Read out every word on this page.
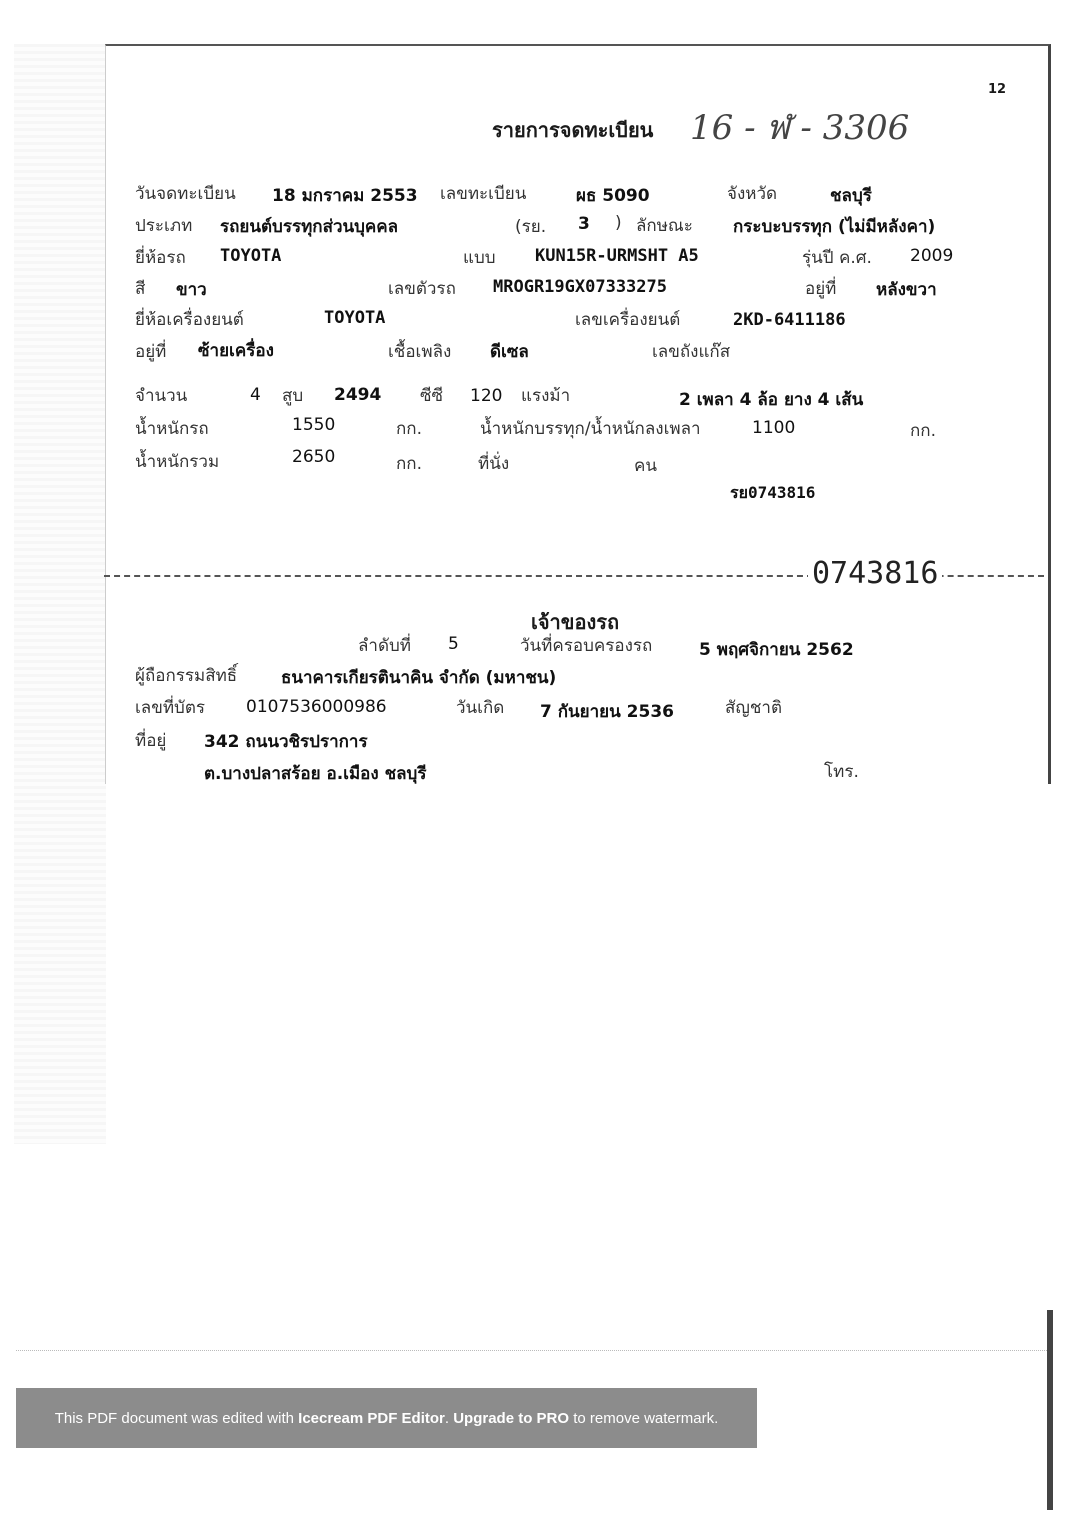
12
16 - ฬ - 3306
รายการจดทะเบียน
วันจดทะเบียน 18 มกราคม 2553 เลขทะเบียน	ผธ 5090	จังหวัด	ชลบุรี
ประเภท รถยนต์บรรทุกส่วนบุคคล	(รย. 3 ) ลักษณะ กระบะบรรทุก (ไม่มีหลังคา)
ยี่ห้อรถ TOYOTA	แบบ KUN15R-URMSHT A5	รุ่นปี ค.ศ. 2009
สี ขาว	เลขตัวรถ MROGR19GX07333275	อยู่ที่ หลังขวา
ยี่ห้อเครื่องยนต์	TOYOTA	เลขเครื่องยนต์	2KD-6411186
อยู่ที่ ซ้ายเครื่อง	เชื้อเพลิง ดีเซล	เลขถังแก๊ส
จำนวน	4 สูบ 2494 ซีซี 120 แรงม้า	2 เพลา 4 ล้อ ยาง 4 เส้น
น้ำหนักรถ	1550	กก.	น้ำหนักบรรทุก/น้ำหนักลงเพลา	1100	กก.
น้ำหนักรวม	2650	กก.	ที่นั่ง	คน
รย0743816
0743816
เจ้าของรถ
ลำดับที่ 5	วันที่ครอบครองรถ	5 พฤศจิกายน 2562
ผู้ถือกรรมสิทธิ์	ธนาคารเกียรตินาคิน จำกัด (มหาชน)
เลขที่บัตร 0107536000986	วันเกิด 7 กันยายน 2536	สัญชาติ
ที่อยู่ 342 ถนนวชิรปราการ
ต.บางปลาสร้อย อ.เมือง ชลบุรี	โทร.
This PDF document was edited with Icecream PDF Editor . Upgrade to PRO to remove watermark.
